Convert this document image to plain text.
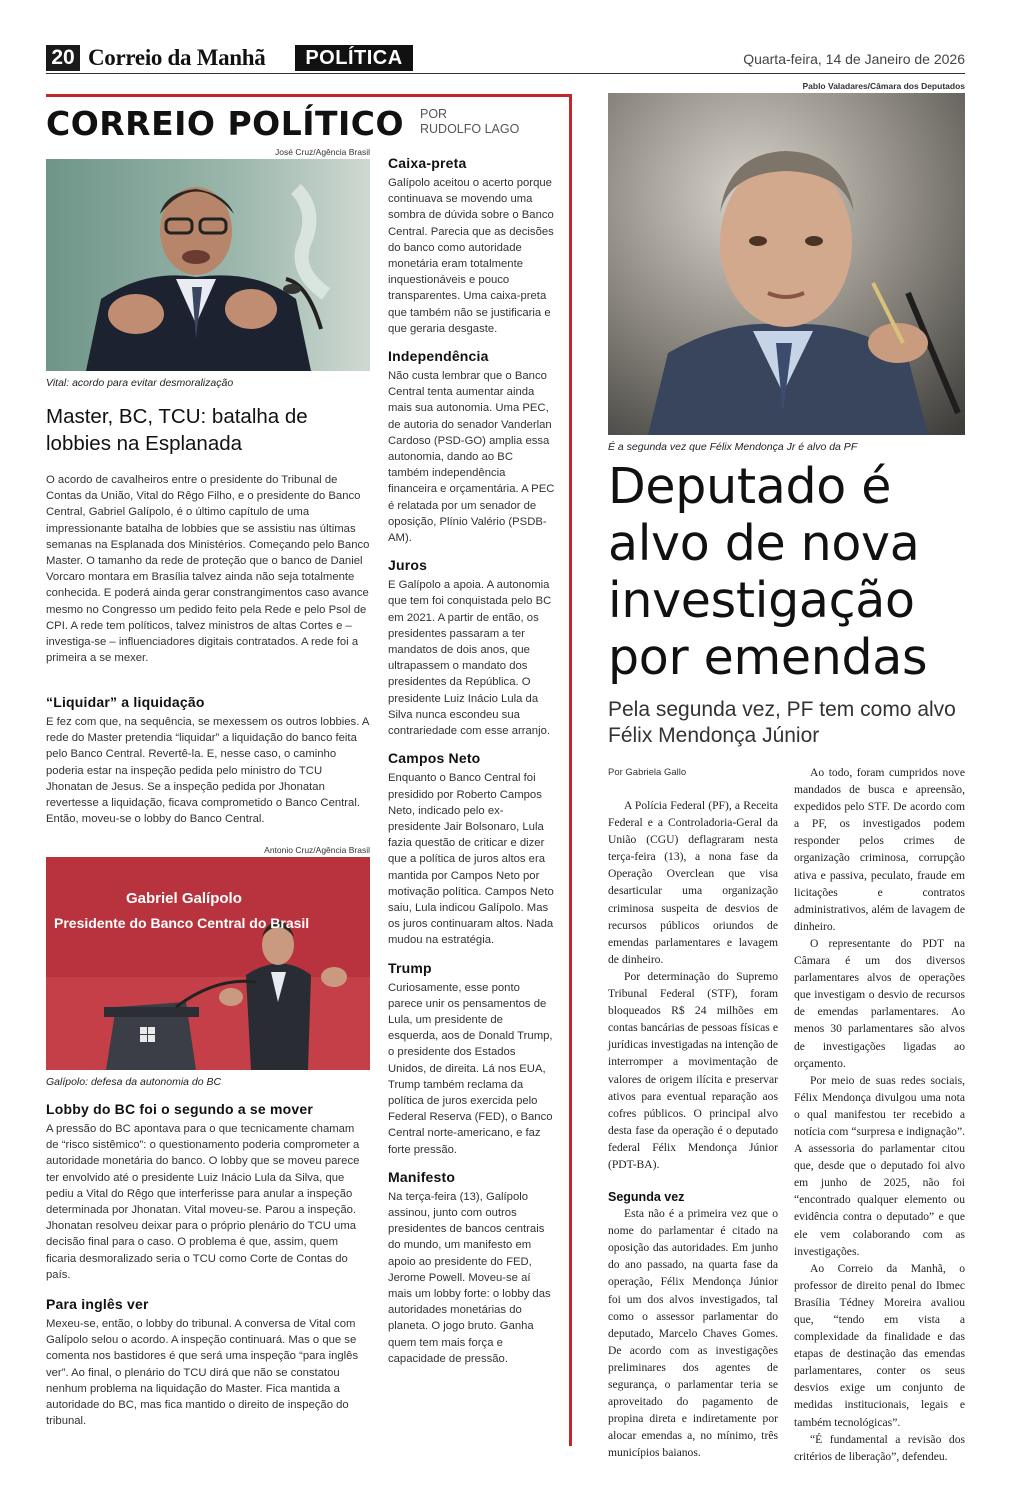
20 Correio da Manhã	POLÍTICA	Quarta-feira, 14 de Janeiro de 2026
CORREIO POLÍTICO POR
RUDOLFO LAGO
José Cruz/Agência Brasil
Vital: acordo para evitar desmoralização
Master, BC, TCU: batalha de lobbies na Esplanada

O acordo de cavalheiros entre o presidente do Tribunal de Contas da União, Vital do Rêgo Filho, e o presidente do Banco Central, Gabriel Galípolo, é o último capítulo de uma impressionante batalha de lobbies que se assistiu nas últimas semanas na Esplanada dos Ministérios. Começando pelo Banco Master. O tamanho da rede de proteção que o banco de Daniel Vorcaro montara em Brasília talvez ainda não seja totalmente conhecida. E poderá ainda gerar constrangimentos caso avance mesmo no Congresso um pedido feito pela Rede e pelo Psol de CPI. A rede tem políticos, talvez ministros de altas Cortes e – investiga-se – influenciadores digitais contratados. A rede foi a primeira a se mexer.

“Liquidar” a liquidação

E fez com que, na sequência, se mexessem os outros lobbies. A rede do Master pretendia “liquidar” a liquidação do banco feita pelo Banco Central. Revertê-la. E, nesse caso, o caminho poderia estar na inspeção pedida pelo ministro do TCU Jhonatan de Jesus. Se a inspeção pedida por Jhonatan revertesse a liquidação, ficava comprometido o Banco Central. Então, moveu-se o lobby do Banco Central.

Antonio Cruz/Agência Brasil
Gabriel Galípolo
Presidente do Banco Central do Brasil
Galípolo: defesa da autonomia do BC
Lobby do BC foi o segundo a se mover

A pressão do BC apontava para o que tecnicamente chamam de “risco sistêmico”: o questionamento poderia comprometer a autoridade monetária do banco. O lobby que se moveu parece ter envolvido até o presidente Luiz Inácio Lula da Silva, que pediu a Vital do Rêgo que interferisse para anular a inspeção determinada por Jhonatan. Vital moveu-se. Parou a inspeção. Jhonatan resolveu deixar para o próprio plenário do TCU uma decisão final para o caso. O problema é que, assim, quem ficaria desmoralizado seria o TCU como Corte de Contas do país.

Para inglês ver

Mexeu-se, então, o lobby do tribunal. A conversa de Vital com Galípolo selou o acordo. A inspeção continuará. Mas o que se comenta nos bastidores é que será uma inspeção “para inglês ver”. Ao final, o plenário do TCU dirá que não se constatou nenhum problema na liquidação do Master. Fica mantida a autoridade do BC, mas fica mantido o direito de inspeção do tribunal.

Caixa-preta

Galípolo aceitou o acerto porque continuava se movendo uma sombra de dúvida sobre o Banco Central. Parecia que as decisões do banco como autoridade monetária eram totalmente inquestionáveis e pouco transparentes. Uma caixa-preta que também não se justificaria e que geraria desgaste.

Independência

Não custa lembrar que o Banco Central tenta aumentar ainda mais sua autonomia. Uma PEC, de autoria do senador Vanderlan Cardoso (PSD-GO) amplia essa autonomia, dando ao BC também independência financeira e orçamentária. A PEC é relatada por um senador de oposição, Plínio Valério (PSDB-AM).

Juros

E Galípolo a apoia. A autonomia que tem foi conquistada pelo BC em 2021. A partir de então, os presidentes passaram a ter mandatos de dois anos, que ultrapassem o mandato dos presidentes da República. O presidente Luiz Inácio Lula da Silva nunca escondeu sua contrariedade com esse arranjo.

Campos Neto

Enquanto o Banco Central foi presidido por Roberto Campos Neto, indicado pelo ex-presidente Jair Bolsonaro, Lula fazia questão de criticar e dizer que a política de juros altos era mantida por Campos Neto por motivação política. Campos Neto saiu, Lula indicou Galípolo. Mas os juros continuaram altos. Nada mudou na estratégia.

Trump

Curiosamente, esse ponto parece unir os pensamentos de Lula, um presidente de esquerda, aos de Donald Trump, o presidente dos Estados Unidos, de direita. Lá nos EUA, Trump também reclama da política de juros exercida pelo Federal Reserva (FED), o Banco Central norte-americano, e faz forte pressão.

Manifesto

Na terça-feira (13), Galípolo assinou, junto com outros presidentes de bancos centrais do mundo, um manifesto em apoio ao presidente do FED, Jerome Powell. Moveu-se aí mais um lobby forte: o lobby das autoridades monetárias do planeta. O jogo bruto. Ganha quem tem mais força e capacidade de pressão.

Pablo Valadares/Câmara dos Deputados
É a segunda vez que Félix Mendonça Jr é alvo da PF
Deputado é alvo de nova investigação por emendas
Pela segunda vez, PF tem como alvo Félix Mendonça Júnior
Por Gabriela Gallo

A Polícia Federal (PF), a Receita Federal e a Controladoria-Geral da União (CGU) deflagraram nesta terça-feira (13), a nona fase da Operação Overclean que visa desarticular uma organização criminosa suspeita de desvios de recursos públicos oriundos de emendas parlamentares e lavagem de dinheiro.

Por determinação do Supremo Tribunal Federal (STF), foram bloqueados R$ 24 milhões em contas bancárias de pessoas físicas e jurídicas investigadas na intenção de interromper a movimentação de valores de origem ilícita e preservar ativos para eventual reparação aos cofres públicos. O principal alvo desta fase da operação é o deputado federal Félix Mendonça Júnior (PDT-BA).

Segunda vez

Esta não é a primeira vez que o nome do parlamentar é citado na oposição das autoridades. Em junho do ano passado, na quarta fase da operação, Félix Mendonça Júnior foi um dos alvos investigados, tal como o assessor parlamentar do deputado, Marcelo Chaves Gomes. De acordo com as investigações preliminares dos agentes de segurança, o parlamentar teria se aproveitado do pagamento de propina direta e indiretamente por alocar emendas a, no mínimo, três municípios baianos.

Ao todo, foram cumpridos nove mandados de busca e apreensão, expedidos pelo STF. De acordo com a PF, os investigados podem responder pelos crimes de organização criminosa, corrupção ativa e passiva, peculato, fraude em licitações e contratos administrativos, além de lavagem de dinheiro.

O representante do PDT na Câmara é um dos diversos parlamentares alvos de operações que investigam o desvio de recursos de emendas parlamentares. Ao menos 30 parlamentares são alvos de investigações ligadas ao orçamento.

Por meio de suas redes sociais, Félix Mendonça divulgou uma nota o qual manifestou ter recebido a notícia com “surpresa e indignação”. A assessoria do parlamentar citou que, desde que o deputado foi alvo em junho de 2025, não foi “encontrado qualquer elemento ou evidência contra o deputado” e que ele vem colaborando com as investigações.

Ao Correio da Manhã, o professor de direito penal do Ibmec Brasília Tédney Moreira avaliou que, “tendo em vista a complexidade da finalidade e das etapas de destinação das emendas parlamentares, conter os seus desvios exige um conjunto de medidas institucionais, legais e também tecnológicas”.

“É fundamental a revisão dos critérios de liberação”, defendeu.
